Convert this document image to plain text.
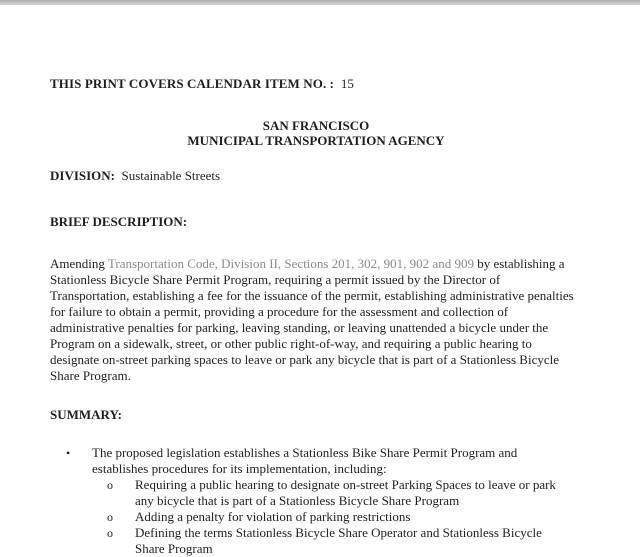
THIS PRINT COVERS CALENDAR ITEM NO. : 15
SAN FRANCISCO
MUNICIPAL TRANSPORTATION AGENCY
DIVISION: Sustainable Streets
BRIEF DESCRIPTION:
Amending Transportation Code, Division II, Sections 201, 302, 901, 902 and 909 by establishing a Stationless Bicycle Share Permit Program, requiring a permit issued by the Director of Transportation, establishing a fee for the issuance of the permit, establishing administrative penalties for failure to obtain a permit, providing a procedure for the assessment and collection of administrative penalties for parking, leaving standing, or leaving unattended a bicycle under the Program on a sidewalk, street, or other public right-of-way, and requiring a public hearing to designate on-street parking spaces to leave or park any bicycle that is part of a Stationless Bicycle Share Program.
SUMMARY:
•	The proposed legislation establishes a Stationless Bike Share Permit Program and establishes procedures for its implementation, including:
o	Requiring a public hearing to designate on-street Parking Spaces to leave or park any bicycle that is part of a Stationless Bicycle Share Program
o	Adding a penalty for violation of parking restrictions
o	Defining the terms Stationless Bicycle Share Operator and Stationless Bicycle Share Program
